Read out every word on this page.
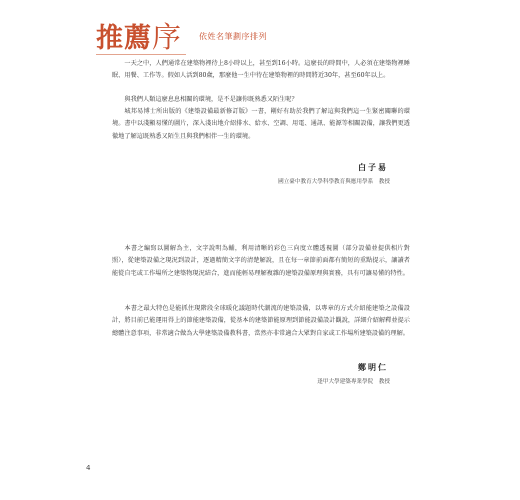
推薦序 依姓名筆劃序排列

一天之中，人們通常在建築物裡待上8小時以上，甚至到16小時。這麼長的時間中，人必須在建築物裡睡眠、用餐、工作等。假如人活到80歲，那麼他一生中待在建築物裡的時間將近30年，甚至60年以上。

與我們人類這麼息息相關的環境，是不是讓你既熟悉又陌生呢？

城邦易博士所出版的《建築設備最新修訂版》一書，剛好有助於我們了解這與我們這一生緊密關聯的環境。書中以淺顯易懂的圖片，深入淺出地介紹排水、給水、空調、用電、通訊、能源等相關設備，讓我們更透徹地了解這既熟悉又陌生且與我們相伴一生的環境。

白子易
國立臺中教育大學科學教育與應用學系　教授

本書之編寫以圖解為主，文字說明為輔，利用清晰的彩色三向度立體透視圖（部分設備並提供相片對照），從建築設備之現況到設計，逐過精簡文字的清楚解說，且在每一章節前面都有簡短的重點提示，讓讀者能從自宅或工作場所之建築物現況結合，進而能輕易理解複雜的建築設備原理與實務，具有可讓易懂的特性。

本書之最大特色是能抓住現階段全球暖化議題時代潮流的建築設備，以專章的方式介紹能建築之設備設計，將目前已能運用得上的節能建築設備，從基本的建築節能原理到節能設備設計觀說，詳細介紹解釋並提示總體注意事項，非常適合做為大學建築設備教科書，當然亦非常適合大眾對自家或工作場所建築設備的理解。

鄭明仁
逢甲大學建築專業學院　教授
4
